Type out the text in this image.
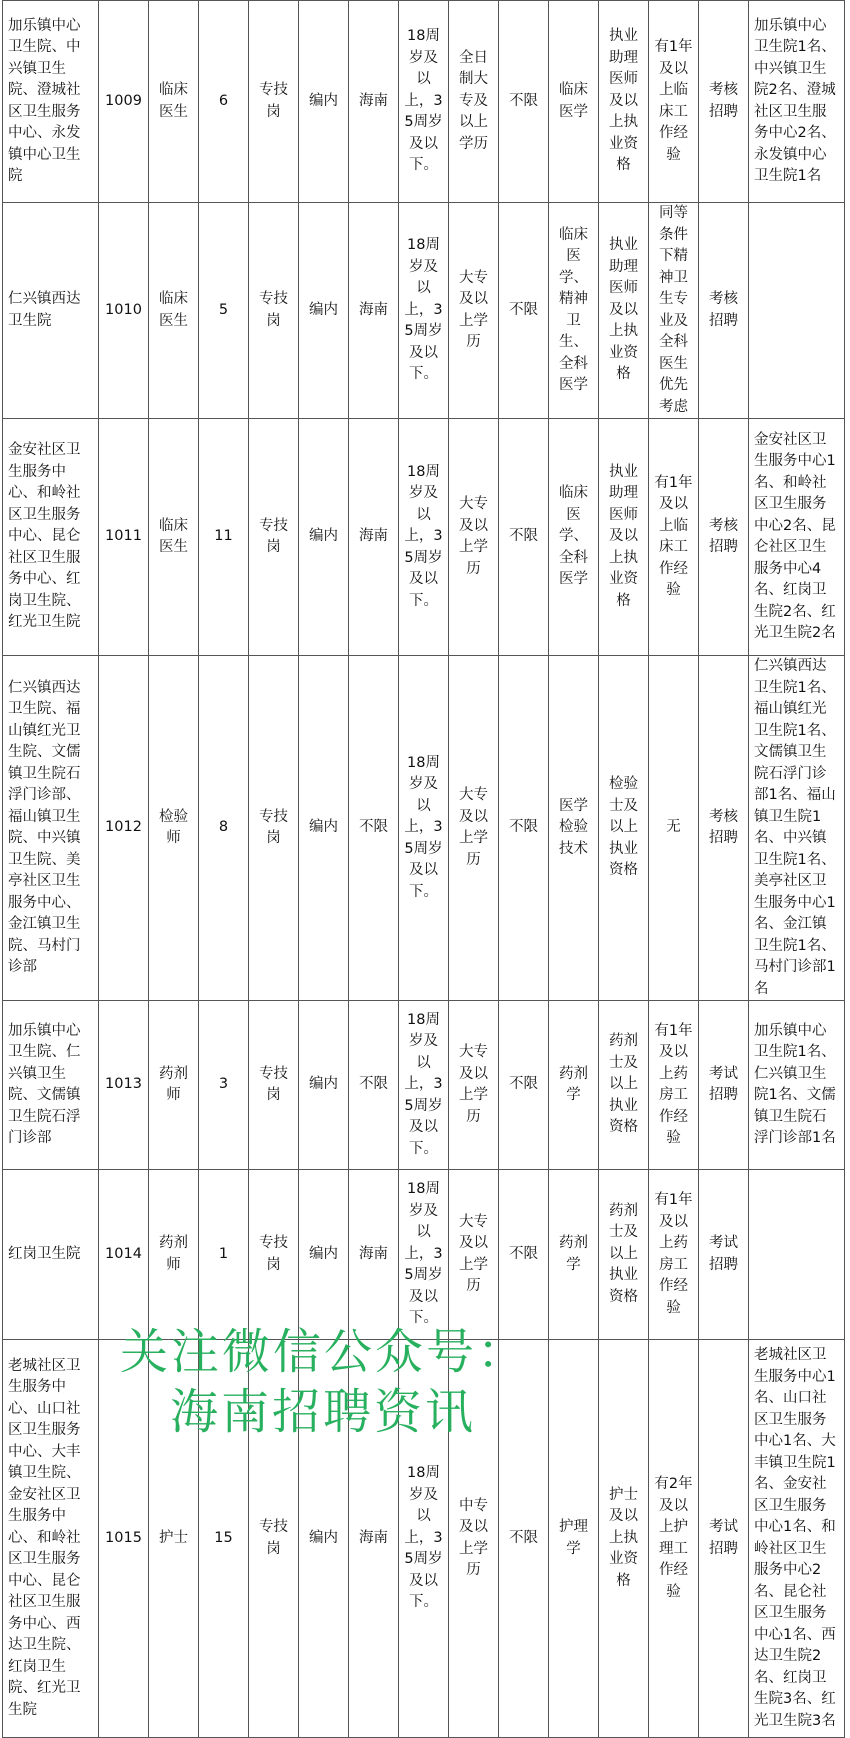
加乐镇中心卫生院、中兴镇卫生院、澄城社区卫生服务中心、永发镇中心卫生院	1009	临床医生	6	专技岗	编内	海南	18周岁及以上，35周岁及以下。	全日制大专及以上学历	不限	临床医学	执业助理医师及以上执业资格	有1年及以上临床工作经验	考核招聘	加乐镇中心卫生院1名、中兴镇卫生院2名、澄城社区卫生服务中心2名、永发镇中心卫生院1名
仁兴镇西达卫生院	1010	临床医生	5	专技岗	编内	海南	18周岁及以上，35周岁及以下。	大专及以上学历	不限	临床医学、精神卫生、全科医学	执业助理医师及以上执业资格	同等条件下精神卫生专业及全科医生优先考虑	考核招聘	
金安社区卫生服务中心、和岭社区卫生服务中心、昆仑社区卫生服务中心、红岗卫生院、红光卫生院	1011	临床医生	11	专技岗	编内	海南	18周岁及以上，35周岁及以下。	大专及以上学历	不限	临床医学、全科医学	执业助理医师及以上执业资格	有1年及以上临床工作经验	考核招聘	金安社区卫生服务中心1名、和岭社区卫生服务中心2名、昆仑社区卫生服务中心4名、红岗卫生院2名、红光卫生院2名
仁兴镇西达卫生院、福山镇红光卫生院、文儒镇卫生院石浮门诊部、福山镇卫生院、中兴镇卫生院、美亭社区卫生服务中心、金江镇卫生院、马村门诊部	1012	检验师	8	专技岗	编内	不限	18周岁及以上，35周岁及以下。	大专及以上学历	不限	医学检验技术	检验士及以上执业资格	无	考核招聘	仁兴镇西达卫生院1名、福山镇红光卫生院1名、文儒镇卫生院石浮门诊部1名、福山镇卫生院1名、中兴镇卫生院1名、美亭社区卫生服务中心1名、金江镇卫生院1名、马村门诊部1名
加乐镇中心卫生院、仁兴镇卫生院、文儒镇卫生院石浮门诊部	1013	药剂师	3	专技岗	编内	不限	18周岁及以上，35周岁及以下。	大专及以上学历	不限	药剂学	药剂士及以上执业资格	有1年及以上药房工作经验	考试招聘	加乐镇中心卫生院1名、仁兴镇卫生院1名、文儒镇卫生院石浮门诊部1名
红岗卫生院	1014	药剂师	1	专技岗	编内	海南	18周岁及以上，35周岁及以下。	大专及以上学历	不限	药剂学	药剂士及以上执业资格	有1年及以上药房工作经验	考试招聘	
老城社区卫生服务中心、山口社区卫生服务中心、大丰镇卫生院、金安社区卫生服务中心、和岭社区卫生服务中心、昆仑社区卫生服务中心、西达卫生院、红岗卫生院、红光卫生院	1015	护士	15	专技岗	编内	海南	18周岁及以上，35周岁及以下。	中专及以上学历	不限	护理学	护士及以上执业资格	有2年及以上护理工作经验	考试招聘	老城社区卫生服务中心1名、山口社区卫生服务中心1名、大丰镇卫生院1名、金安社区卫生服务中心1名、和岭社区卫生服务中心2名、昆仑社区卫生服务中心1名、西达卫生院2名、红岗卫生院3名、红光卫生院3名
关注微信公众号：
海南招聘资讯
